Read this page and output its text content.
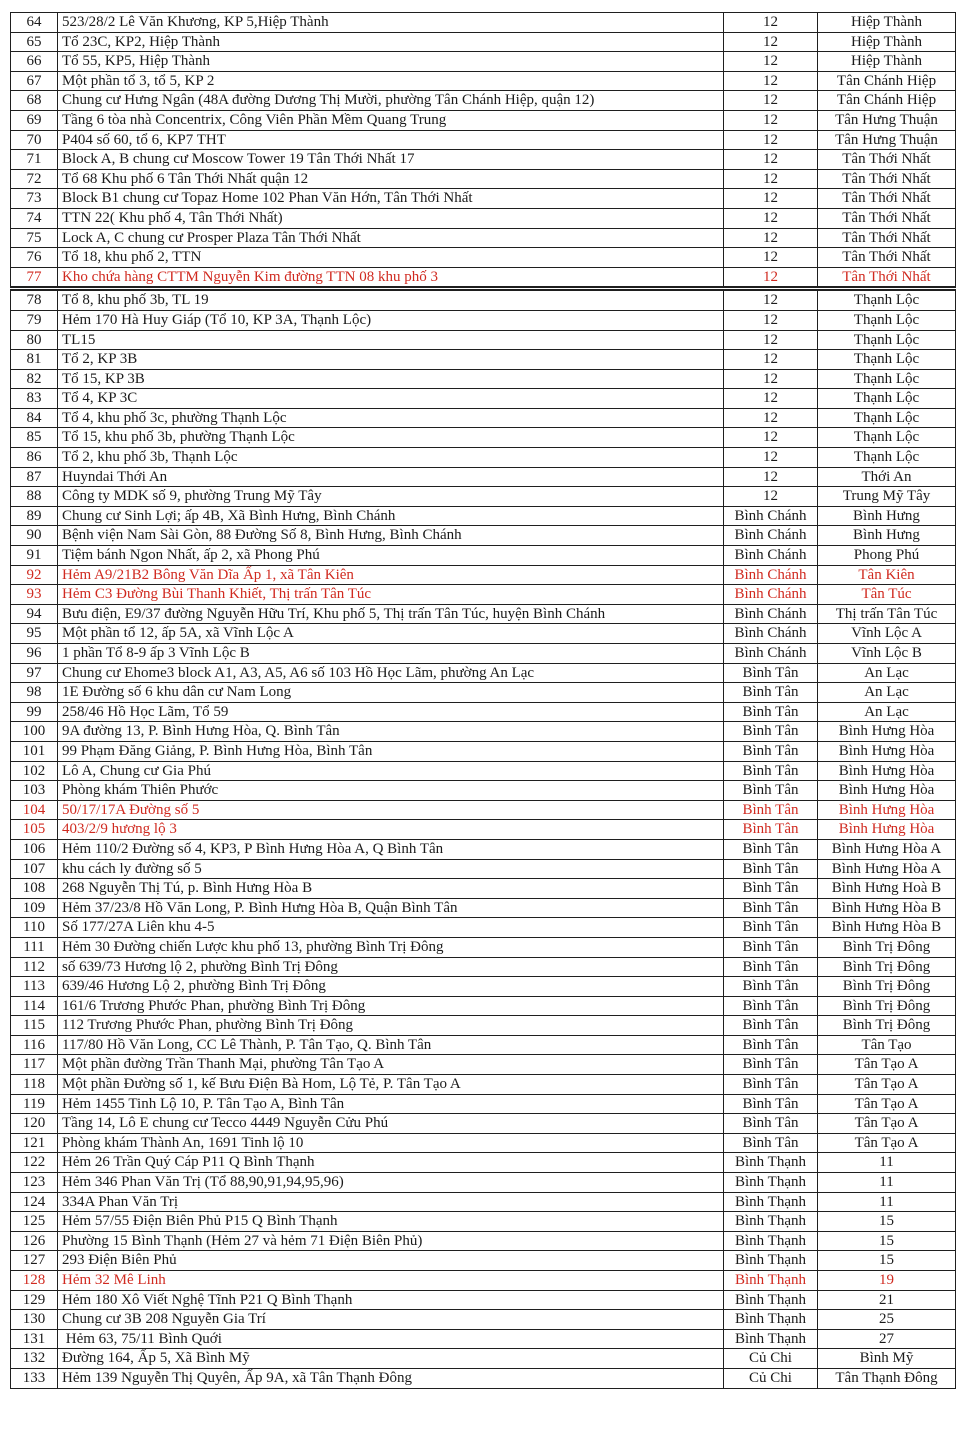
64	523/28/2 Lê Văn Khương, KP 5,Hiệp Thành	12	Hiệp Thành
65	Tổ 23C, KP2, Hiệp Thành	12	Hiệp Thành
66	Tổ 55, KP5, Hiệp Thành	12	Hiệp Thành
67	Một phần tổ 3, tổ 5, KP 2	12	Tân Chánh Hiệp
68	Chung cư Hưng Ngân (48A đường Dương Thị Mười, phường Tân Chánh Hiệp, quận 12)	12	Tân Chánh Hiệp
69	Tầng 6 tòa nhà Concentrix, Công Viên Phần Mềm Quang Trung	12	Tân Hưng Thuận
70	P404 số 60, tổ 6, KP7 THT	12	Tân Hưng Thuận
71	Block A, B chung cư Moscow Tower 19 Tân Thới Nhất 17	12	Tân Thới Nhất
72	Tổ 68 Khu phố 6 Tân Thới Nhất quận 12	12	Tân Thới Nhất
73	Block B1 chung cư Topaz Home 102 Phan Văn Hớn, Tân Thới Nhất	12	Tân Thới Nhất
74	TTN 22( Khu phố 4, Tân Thới Nhất)	12	Tân Thới Nhất
75	Lock A, C chung cư Prosper Plaza Tân Thới Nhất	12	Tân Thới Nhất
76	Tổ 18, khu phố 2, TTN	12	Tân Thới Nhất
77	Kho chứa hàng CTTM Nguyễn Kim đường TTN 08 khu phố 3	12	Tân Thới Nhất
78	Tổ 8, khu phố 3b, TL 19	12	Thạnh Lộc
79	Hẻm 170 Hà Huy Giáp (Tổ 10, KP 3A, Thạnh Lộc)	12	Thạnh Lộc
80	TL15	12	Thạnh Lộc
81	Tổ 2, KP 3B	12	Thạnh Lộc
82	Tổ 15, KP 3B	12	Thạnh Lộc
83	Tổ 4, KP 3C	12	Thạnh Lộc
84	Tổ 4, khu phố 3c, phường Thạnh Lộc	12	Thạnh Lộc
85	Tổ 15, khu phố 3b, phường Thạnh Lộc	12	Thạnh Lộc
86	Tổ 2, khu phố 3b, Thạnh Lộc	12	Thạnh Lộc
87	Huyndai Thới An	12	Thới An
88	Công ty MDK số 9, phường Trung Mỹ Tây	12	Trung Mỹ Tây
89	Chung cư Sinh Lợi; ấp 4B, Xã Bình Hưng, Bình Chánh	Bình Chánh	Bình Hưng
90	Bệnh viện Nam Sài Gòn, 88 Đường Số 8, Bình Hưng, Bình Chánh	Bình Chánh	Bình Hưng
91	Tiệm bánh Ngon Nhất, ấp 2, xã Phong Phú	Bình Chánh	Phong Phú
92	Hẻm A9/21B2 Bông Văn Dĩa Ấp 1, xã Tân Kiên	Bình Chánh	Tân Kiên
93	Hẻm C3 Đường Bùi Thanh Khiết, Thị trấn Tân Túc	Bình Chánh	Tân Túc
94	Bưu điện, E9/37 đường Nguyễn Hữu Trí, Khu phố 5, Thị trấn Tân Túc, huyện Bình Chánh	Bình Chánh	Thị trấn Tân Túc
95	Một phần tổ 12, ấp 5A, xã Vĩnh Lộc A	Bình Chánh	Vĩnh Lộc A
96	1 phần Tổ 8-9 ấp 3 Vĩnh Lộc B	Bình Chánh	Vĩnh Lộc B
97	Chung cư Ehome3 block A1, A3, A5, A6 số 103 Hồ Học Lãm, phường An Lạc	Bình Tân	An Lạc
98	1E Đường số 6 khu dân cư Nam Long	Bình Tân	An Lạc
99	258/46 Hồ Học Lãm, Tổ 59	Bình Tân	An Lạc
100	9A đường 13, P. Bình Hưng Hòa, Q. Bình Tân	Bình Tân	Bình Hưng Hòa
101	99 Phạm Đăng Giảng, P. Bình Hưng Hòa, Bình Tân	Bình Tân	Bình Hưng Hòa
102	Lô A, Chung cư Gia Phú	Bình Tân	Bình Hưng Hòa
103	Phòng khám Thiên Phước	Bình Tân	Bình Hưng Hòa
104	50/17/17A Đường số 5	Bình Tân	Bình Hưng Hòa
105	403/2/9 hương lộ 3	Bình Tân	Bình Hưng Hòa
106	Hẻm 110/2 Đường số 4, KP3, P Bình Hưng Hòa A, Q Bình Tân	Bình Tân	Bình Hưng Hòa A
107	khu cách ly đường số 5	Bình Tân	Bình Hưng Hòa A
108	268 Nguyễn Thị Tú, p. Bình Hưng Hòa B	Bình Tân	Bình Hưng Hoà B
109	Hẻm 37/23/8 Hồ Văn Long, P. Bình Hưng Hòa B, Quận Bình Tân	Bình Tân	Bình Hưng Hòa B
110	Số 177/27A Liên khu 4-5	Bình Tân	Bình Hưng Hòa B
111	Hẻm 30 Đường chiến Lược khu phố 13, phường Bình Trị Đông	Bình Tân	Bình Trị Đông
112	số 639/73 Hương lộ 2, phường Bình Trị Đông	Bình Tân	Bình Trị Đông
113	639/46 Hương Lộ 2, phường Bình Trị Đông	Bình Tân	Bình Trị Đông
114	161/6 Trương Phước Phan, phường Bình Trị Đông	Bình Tân	Bình Trị Đông
115	112 Trương Phước Phan, phường Bình Trị Đông	Bình Tân	Bình Trị Đông
116	117/80 Hồ Văn Long, CC Lê Thành, P. Tân Tạo, Q. Bình Tân	Bình Tân	Tân Tạo
117	Một phần đường Trần Thanh Mại, phường Tân Tạo A	Bình Tân	Tân Tạo A
118	Một phần Đường số 1, kế Bưu Điện Bà Hom, Lộ Tẻ, P. Tân Tạo A	Bình Tân	Tân Tạo A
119	Hẻm 1455 Tinh Lộ 10, P. Tân Tạo A, Bình Tân	Bình Tân	Tân Tạo A
120	Tầng 14, Lô E chung cư Tecco 4449 Nguyễn Cửu Phú	Bình Tân	Tân Tạo A
121	Phòng khám Thành An, 1691 Tinh lộ 10	Bình Tân	Tân Tạo A
122	Hẻm 26 Trần Quý Cáp P11 Q Bình Thạnh	Bình Thạnh	11
123	Hẻm 346 Phan Văn Trị (Tổ 88,90,91,94,95,96)	Bình Thạnh	11
124	334A Phan Văn Trị	Bình Thạnh	11
125	Hẻm 57/55 Điện Biên Phủ P15 Q Bình Thạnh	Bình Thạnh	15
126	Phường 15 Bình Thạnh (Hẻm 27 và hẻm 71 Điện Biên Phủ)	Bình Thạnh	15
127	293 Điện Biên Phủ	Bình Thạnh	15
128	Hẻm 32 Mê Linh	Bình Thạnh	19
129	Hẻm 180 Xô Viết Nghệ Tĩnh P21 Q Bình Thạnh	Bình Thạnh	21
130	Chung cư 3B 208 Nguyễn Gia Trí	Bình Thạnh	25
131	Hẻm 63, 75/11 Bình Quới	Bình Thạnh	27
132	Đường 164, Ấp 5, Xã Bình Mỹ	Củ Chi	Bình Mỹ
133	Hẻm 139 Nguyễn Thị Quyên, Ấp 9A, xã Tân Thạnh Đông	Củ Chi	Tân Thạnh Đông
